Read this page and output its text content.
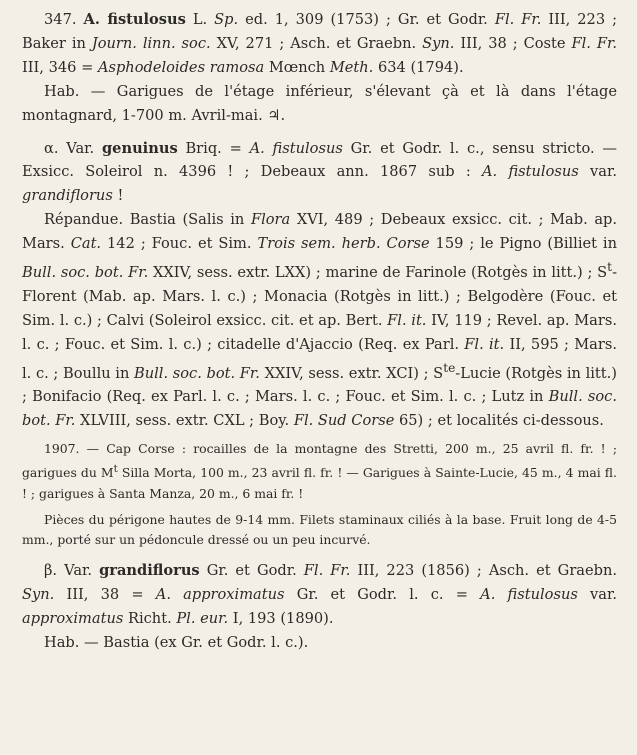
347. A. fistulosus L. Sp. ed. 1, 309 (1753) ; Gr. et Godr. Fl. Fr. III, 223 ; Baker in Journ. linn. soc. XV, 271 ; Asch. et Graebn. Syn. III, 38 ; Coste Fl. Fr. III, 346 = Asphodeloides ramosa Mœnch Meth. 634 (1794).

Hab. — Garigues de l'étage inférieur, s'élevant çà et là dans l'étage montagnard, 1-700 m. Avril-mai. ♃.

α. Var. genuinus Briq. = A. fistulosus Gr. et Godr. l. c., sensu stricto. — Exsicc. Soleirol n. 4396 ! ; Debeaux ann. 1867 sub : A. fistulosus var. grandiflorus !

Répandue. Bastia (Salis in Flora XVI, 489 ; Debeaux exsicc. cit. ; Mab. ap. Mars. Cat. 142 ; Fouc. et Sim. Trois sem. herb. Corse 159 ; le Pigno (Billiet in Bull. soc. bot. Fr. XXIV, sess. extr. LXX) ; marine de Farinole (Rotgès in litt.) ; $S^t$-Florent (Mab. ap. Mars. l. c.) ; Monacia (Rotgès in litt.) ; Belgodère (Fouc. et Sim. l. c.) ; Calvi (Soleirol exsicc. cit. et ap. Bert. Fl. it. IV, 119 ; Revel. ap. Mars. l. c. ; Fouc. et Sim. l. c.) ; citadelle d'Ajaccio (Req. ex Parl. Fl. it. II, 595 ; Mars. l. c. ; Boullu in Bull. soc. bot. Fr. XXIV, sess. extr. XCI) ; $S^{te}$-Lucie (Rotgès in litt.) ; Bonifacio (Req. ex Parl. l. c. ; Mars. l. c. ; Fouc. et Sim. l. c. ; Lutz in Bull. soc. bot. Fr. XLVIII, sess. extr. CXL ; Boy. Fl. Sud Corse 65) ; et localités ci-dessous.

1907. — Cap Corse : rocailles de la montagne des Stretti, 200 m., 25 avril fl. fr. ! ; garigues du $M^t$ Silla Morta, 100 m., 23 avril fl. fr. ! — Garigues à Sainte-Lucie, 45 m., 4 mai fl. ! ; garigues à Santa Manza, 20 m., 6 mai fr. !

Pièces du périgone hautes de 9-14 mm. Filets staminaux ciliés à la base. Fruit long de 4-5 mm., porté sur un pédoncule dressé ou un peu incurvé.

β. Var. grandiflorus Gr. et Godr. Fl. Fr. III, 223 (1856) ; Asch. et Graebn. Syn. III, 38 = A. approximatus Gr. et Godr. l. c. = A. fistulosus var. approximatus Richt. Pl. eur. I, 193 (1890).

Hab. — Bastia (ex Gr. et Godr. l. c.).
